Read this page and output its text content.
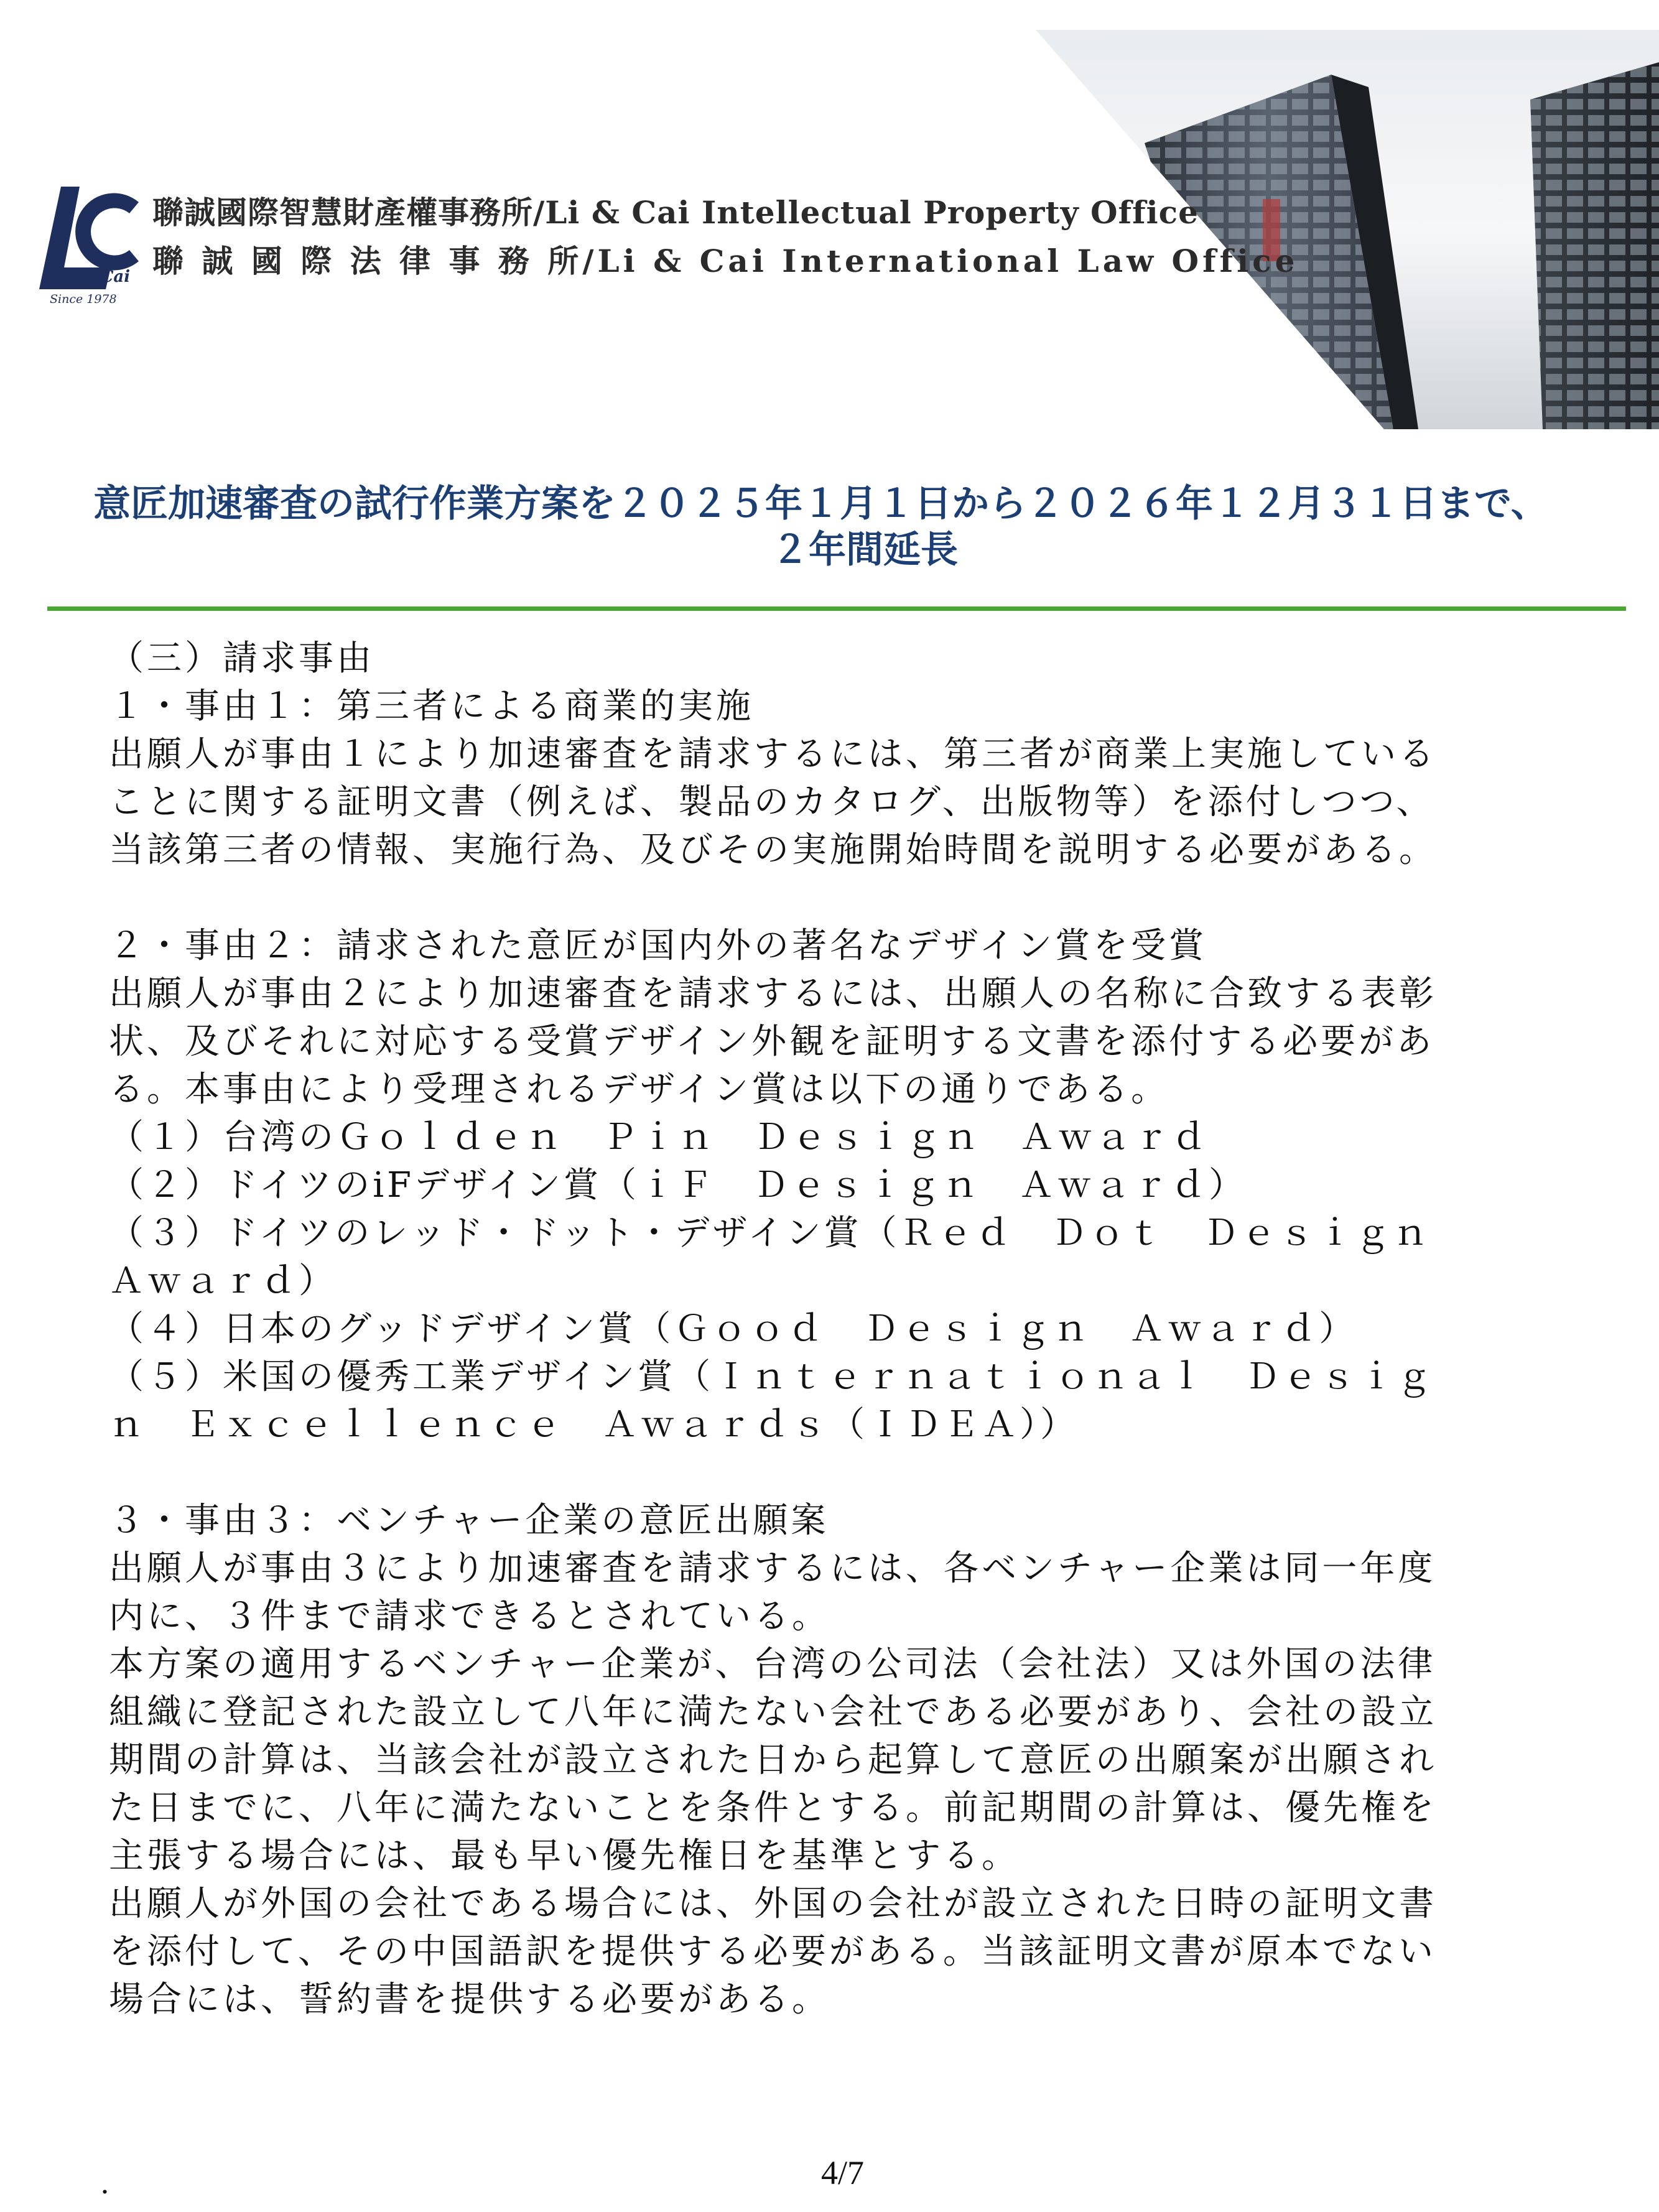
Li & Cai
Since 1978
聯誠國際智慧財產權事務所/Li & Cai Intellectual Property Office
聯 誠 國 際 法 律 事 務 所/Li & Cai International Law Office
意匠加速審査の試行作業方案を２０２５年１月１日から２０２６年１２月３１日まで、
２年間延長

（三）請求事由

１・事由１：第三者による商業的実施

出願人が事由１により加速審査を請求するには、第三者が商業上実施している

ことに関する証明文書（例えば、製品のカタログ、出版物等）を添付しつつ、

当該第三者の情報、実施行為、及びその実施開始時間を説明する必要がある。

２・事由２：請求された意匠が国内外の著名なデザイン賞を受賞

出願人が事由２により加速審査を請求するには、出願人の名称に合致する表彰

状、及びそれに対応する受賞デザイン外観を証明する文書を添付する必要があ

る。本事由により受理されるデザイン賞は以下の通りである。

（１）台湾のＧｏｌｄｅｎ　Ｐｉｎ　Ｄｅｓｉｇｎ　Ａｗａｒｄ

（２）ドイツのiFデザイン賞（ｉＦ　Ｄｅｓｉｇｎ　Ａｗａｒｄ）

（３）ドイツのレッド・ドット・デザイン賞（Ｒｅｄ　Ｄｏｔ　Ｄｅｓｉｇｎ

Ａｗａｒｄ）

（４）日本のグッドデザイン賞（Ｇｏｏｄ　Ｄｅｓｉｇｎ　Ａｗａｒｄ）

（５）米国の優秀工業デザイン賞（Ｉｎｔｅｒｎａｔｉｏｎａｌ　Ｄｅｓｉｇ

ｎ　Ｅｘｃｅｌｌｅｎｃｅ　Ａｗａｒｄｓ（ＩＤＥＡ））

３・事由３：ベンチャー企業の意匠出願案

出願人が事由３により加速審査を請求するには、各ベンチャー企業は同一年度

内に、３件まで請求できるとされている。

本方案の適用するベンチャー企業が、台湾の公司法（会社法）又は外国の法律

組織に登記された設立して八年に満たない会社である必要があり、会社の設立

期間の計算は、当該会社が設立された日から起算して意匠の出願案が出願され

た日までに、八年に満たないことを条件とする。前記期間の計算は、優先権を

主張する場合には、最も早い優先権日を基準とする。

出願人が外国の会社である場合には、外国の会社が設立された日時の証明文書

を添付して、その中国語訳を提供する必要がある。当該証明文書が原本でない

場合には、誓約書を提供する必要がある。

.	4/7
